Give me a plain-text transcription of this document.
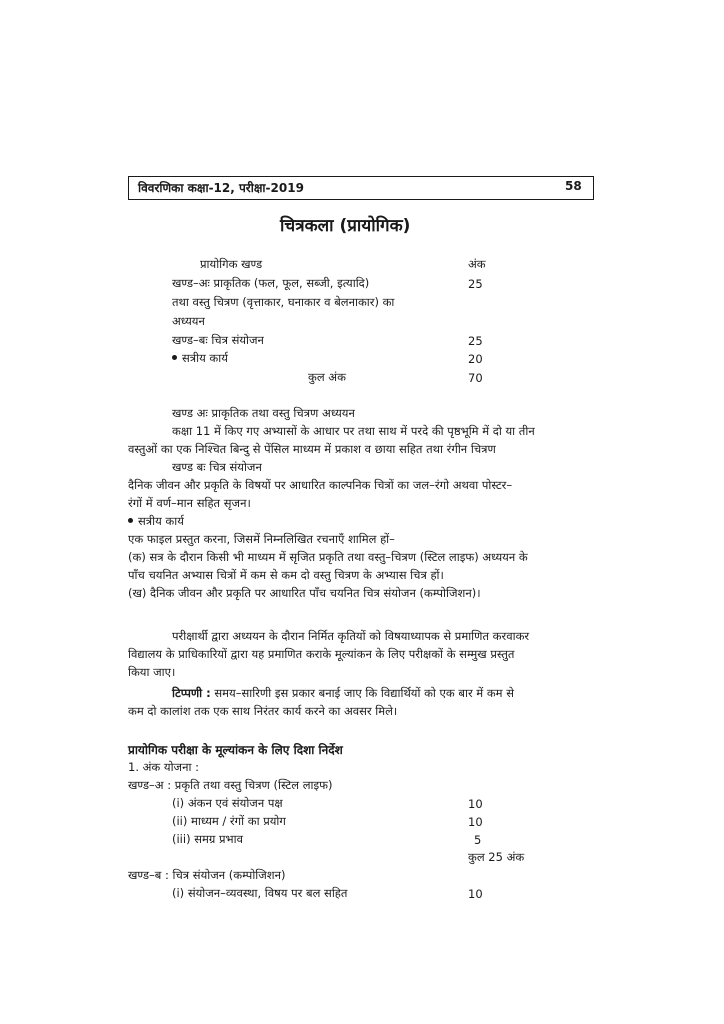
विवरणिका कक्षा-12, परीक्षा-2019	58
चित्रकला (प्रायोगिक)
प्रायोगिक खण्ड	अंक
खण्ड–अः प्राकृतिक (फल, फूल, सब्जी, इत्यादि)	25
तथा वस्तु चित्रण (वृत्ताकार, घनाकार व बेलनाकार) का
अध्ययन
खण्ड–बः चित्र संयोजन	25
सत्रीय कार्य	20
कुल अंक	70
खण्ड अः प्राकृतिक तथा वस्तु चित्रण अध्ययन
कक्षा 11 में किए गए अभ्यासों के आधार पर तथा साथ में परदे की पृष्ठभूमि में दो या तीन
वस्तुओं का एक निश्चित बिन्दु से पेंसिल माध्यम में प्रकाश व छाया सहित तथा रंगीन चित्रण
खण्ड बः चित्र संयोजन
दैनिक जीवन और प्रकृति के विषयों पर आधारित काल्पनिक चित्रों का जल–रंगो अथवा पोस्टर–
रंगों में वर्ण–मान सहित सृजन।
सत्रीय कार्य
एक फाइल प्रस्तुत करना, जिसमें निम्नलिखित रचनाएँ शामिल हों–
(क) सत्र के दौरान किसी भी माध्यम में सृजित प्रकृति तथा वस्तु–चित्रण (स्टिल लाइफ) अध्ययन के
पाँच चयनित अभ्यास चित्रों में कम से कम दो वस्तु चित्रण के अभ्यास चित्र हों।
(ख) दैनिक जीवन और प्रकृति पर आधारित पाँच चयनित चित्र संयोजन (कम्पोजिशन)।
परीक्षार्थी द्वारा अध्ययन के दौरान निर्मित कृतियों को विषयाध्यापक से प्रमाणित करवाकर
विद्यालय के प्राधिकारियों द्वारा यह प्रमाणित कराके मूल्यांकन के लिए परीक्षकों के सम्मुख प्रस्तुत
किया जाए।
टिप्पणी : समय–सारिणी इस प्रकार बनाई जाए कि विद्यार्थियों को एक बार में कम से
कम दो कालांश तक एक साथ निरंतर कार्य करने का अवसर मिले।
प्रायोगिक परीक्षा के मूल्यांकन के लिए दिशा निर्देश
1. अंक योजना :
खण्ड–अ : प्रकृति तथा वस्तु चित्रण (स्टिल लाइफ)
(i) अंकन एवं संयोजन पक्ष	10
(ii) माध्यम / रंगों का प्रयोग	10
(iii) समग्र प्रभाव	5
कुल 25 अंक
खण्ड–ब : चित्र संयोजन (कम्पोजिशन)
(i) संयोजन–व्यवस्था, विषय पर बल सहित	10
